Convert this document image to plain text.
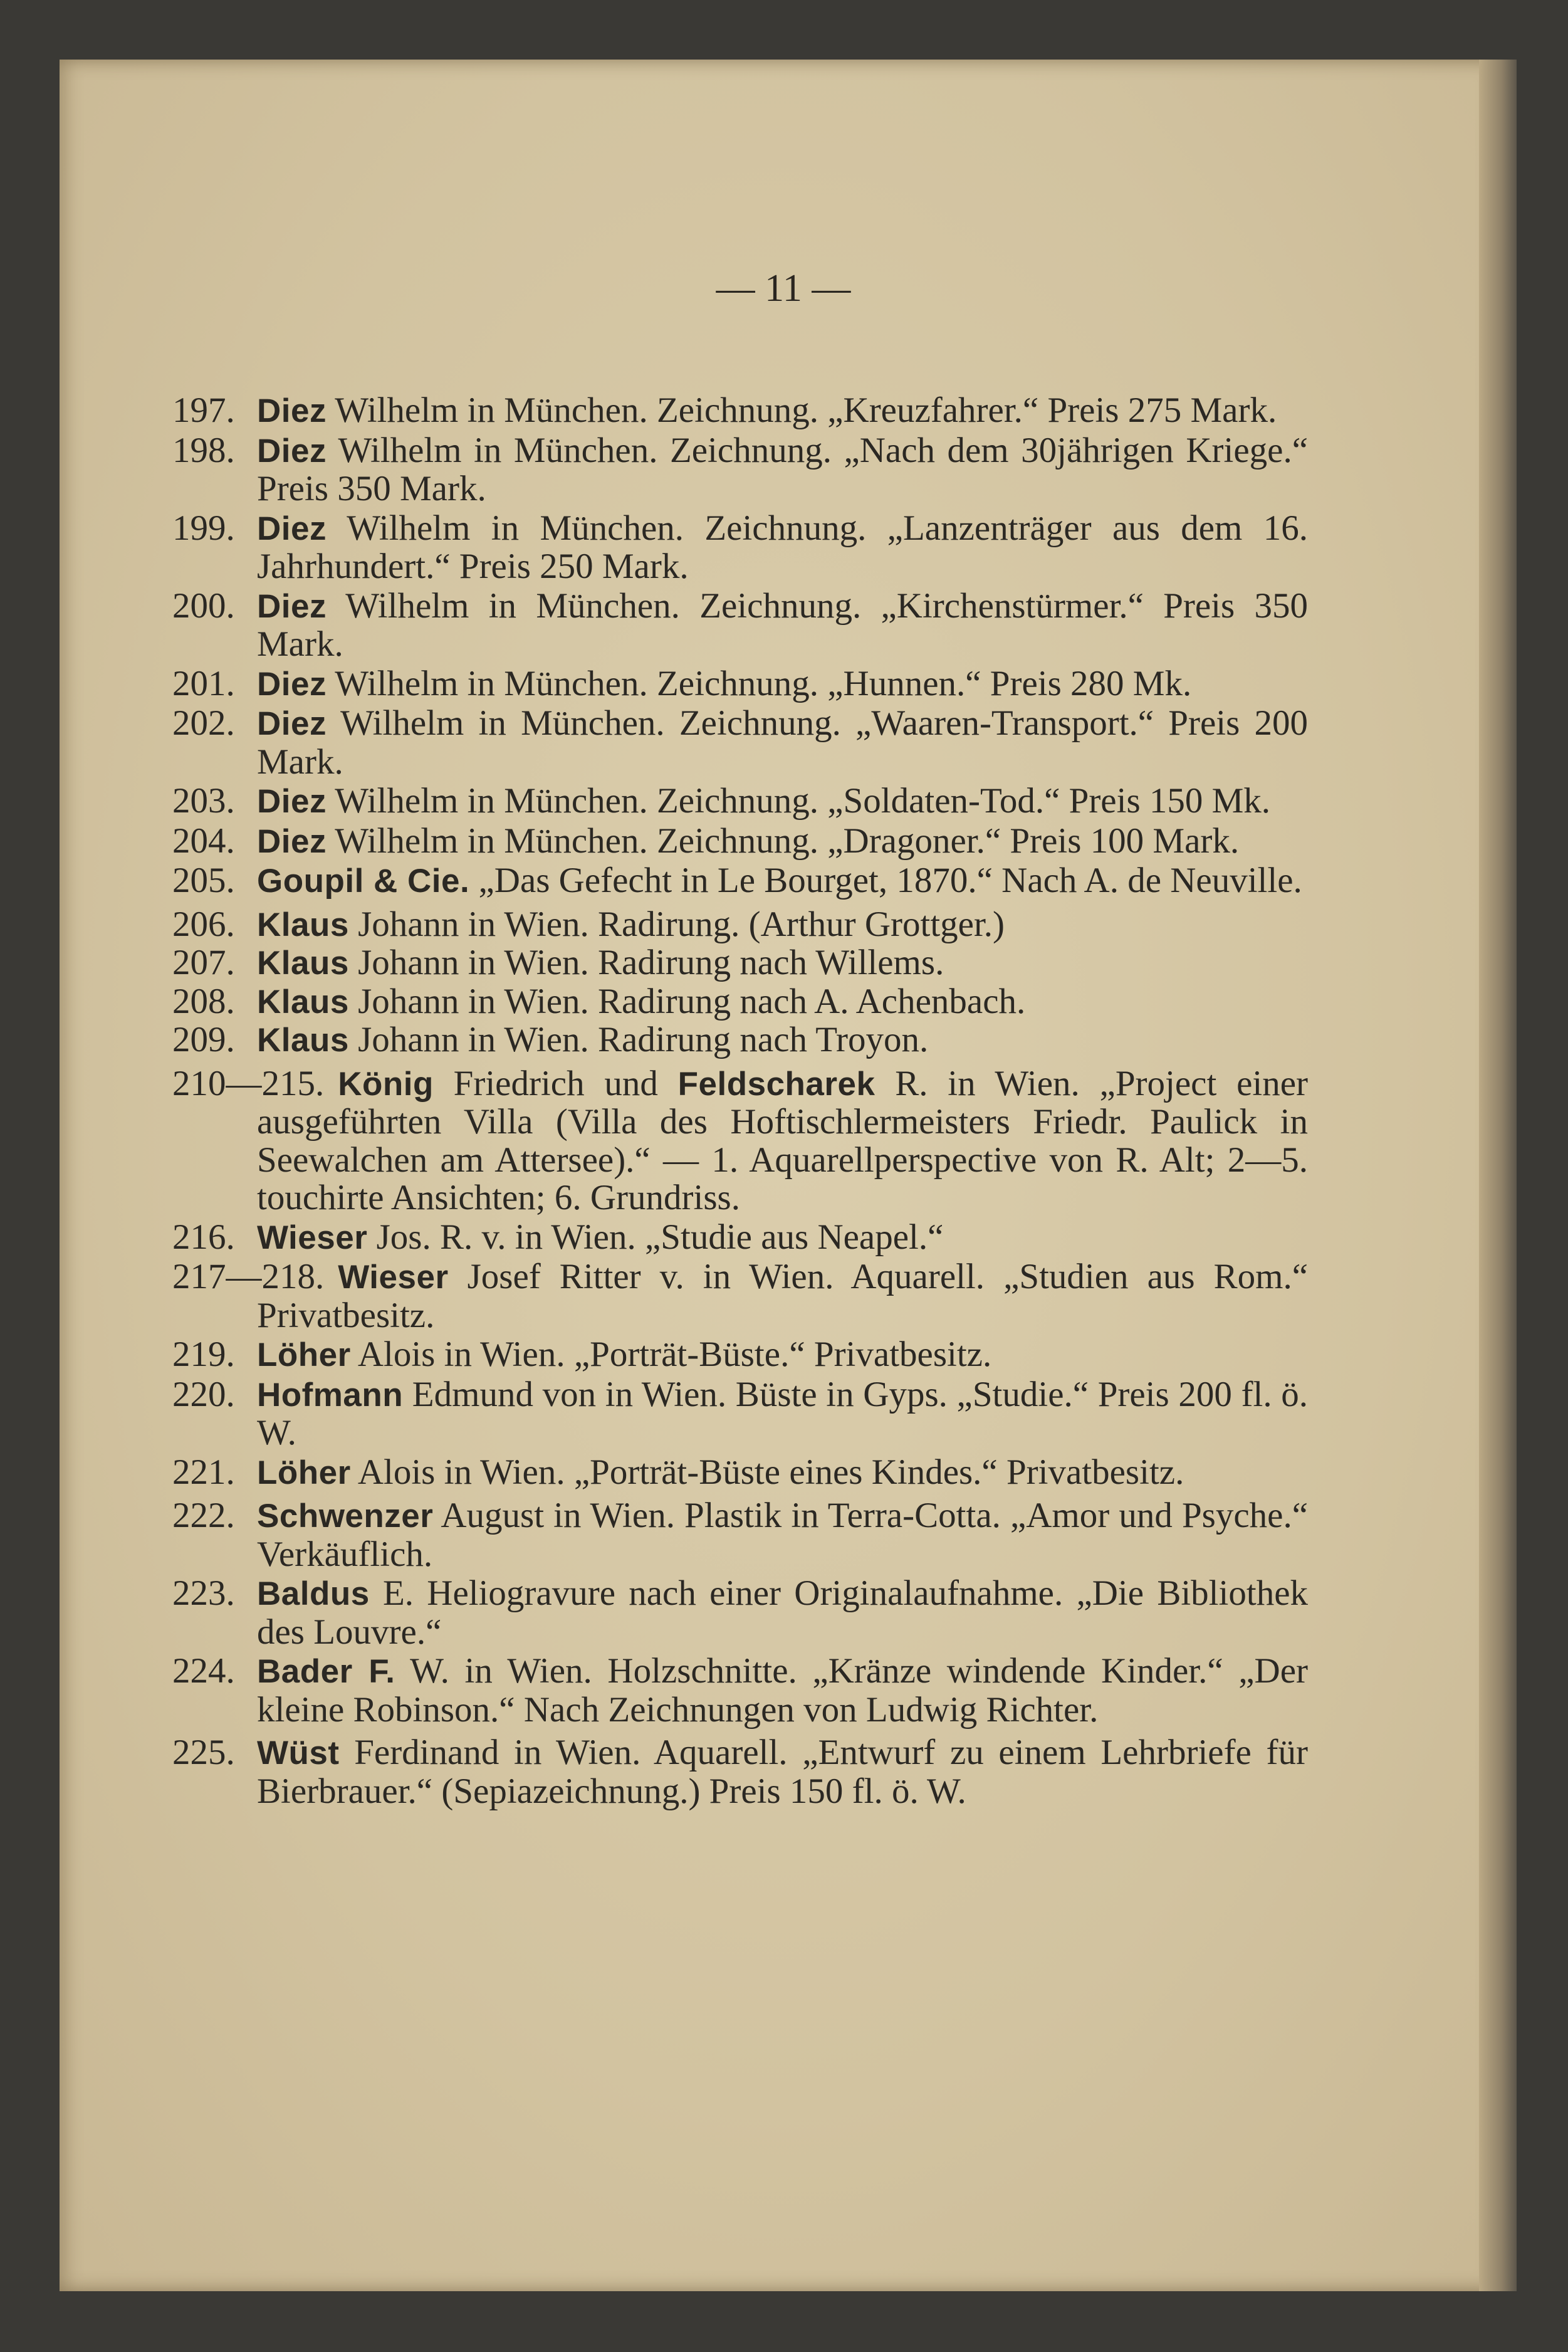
— 11 —
197. Diez Wilhelm in München. Zeichnung. „Kreuzfahrer.“ Preis 275 Mark.
198. Diez Wilhelm in München. Zeichnung. „Nach dem 30jährigen Kriege.“ Preis 350 Mark.
199. Diez Wilhelm in München. Zeichnung. „Lanzenträger aus dem 16. Jahrhundert.“ Preis 250 Mark.
200. Diez Wilhelm in München. Zeichnung. „Kirchenstürmer.“ Preis 350 Mark.
201. Diez Wilhelm in München. Zeichnung. „Hunnen.“ Preis 280 Mk.
202. Diez Wilhelm in München. Zeichnung. „Waaren-Transport.“ Preis 200 Mark.
203. Diez Wilhelm in München. Zeichnung. „Soldaten-Tod.“ Preis 150 Mk.
204. Diez Wilhelm in München. Zeichnung. „Dragoner.“ Preis 100 Mark.
205. Goupil & Cie. „Das Gefecht in Le Bourget, 1870.“ Nach A. de Neuville.
206. Klaus Johann in Wien. Radirung. (Arthur Grottger.)
207. Klaus Johann in Wien. Radirung nach Willems.
208. Klaus Johann in Wien. Radirung nach A. Achenbach.
209. Klaus Johann in Wien. Radirung nach Troyon.
210—215. König Friedrich und Feldscharek R. in Wien. „Project einer ausgeführten Villa (Villa des Hoftischlermeisters Friedr. Paulick in Seewalchen am Attersee).“ — 1. Aquarellperspective von R. Alt; 2—5. touchirte Ansichten; 6. Grundriss.
216. Wieser Jos. R. v. in Wien. „Studie aus Neapel.“
217—218. Wieser Josef Ritter v. in Wien. Aquarell. „Studien aus Rom.“ Privatbesitz.
219. Löher Alois in Wien. „Porträt-Büste.“ Privatbesitz.
220. Hofmann Edmund von in Wien. Büste in Gyps. „Studie.“ Preis 200 fl. ö. W.
221. Löher Alois in Wien. „Porträt-Büste eines Kindes.“ Privatbesitz.
222. Schwenzer August in Wien. Plastik in Terra-Cotta. „Amor und Psyche.“ Verkäuflich.
223. Baldus E. Heliogravure nach einer Originalaufnahme. „Die Bibliothek des Louvre.“
224. Bader F. W. in Wien. Holzschnitte. „Kränze windende Kinder.“ „Der kleine Robinson.“ Nach Zeichnungen von Ludwig Richter.
225. Wüst Ferdinand in Wien. Aquarell. „Entwurf zu einem Lehrbriefe für Bierbrauer.“ (Sepiazeichnung.) Preis 150 fl. ö. W.
